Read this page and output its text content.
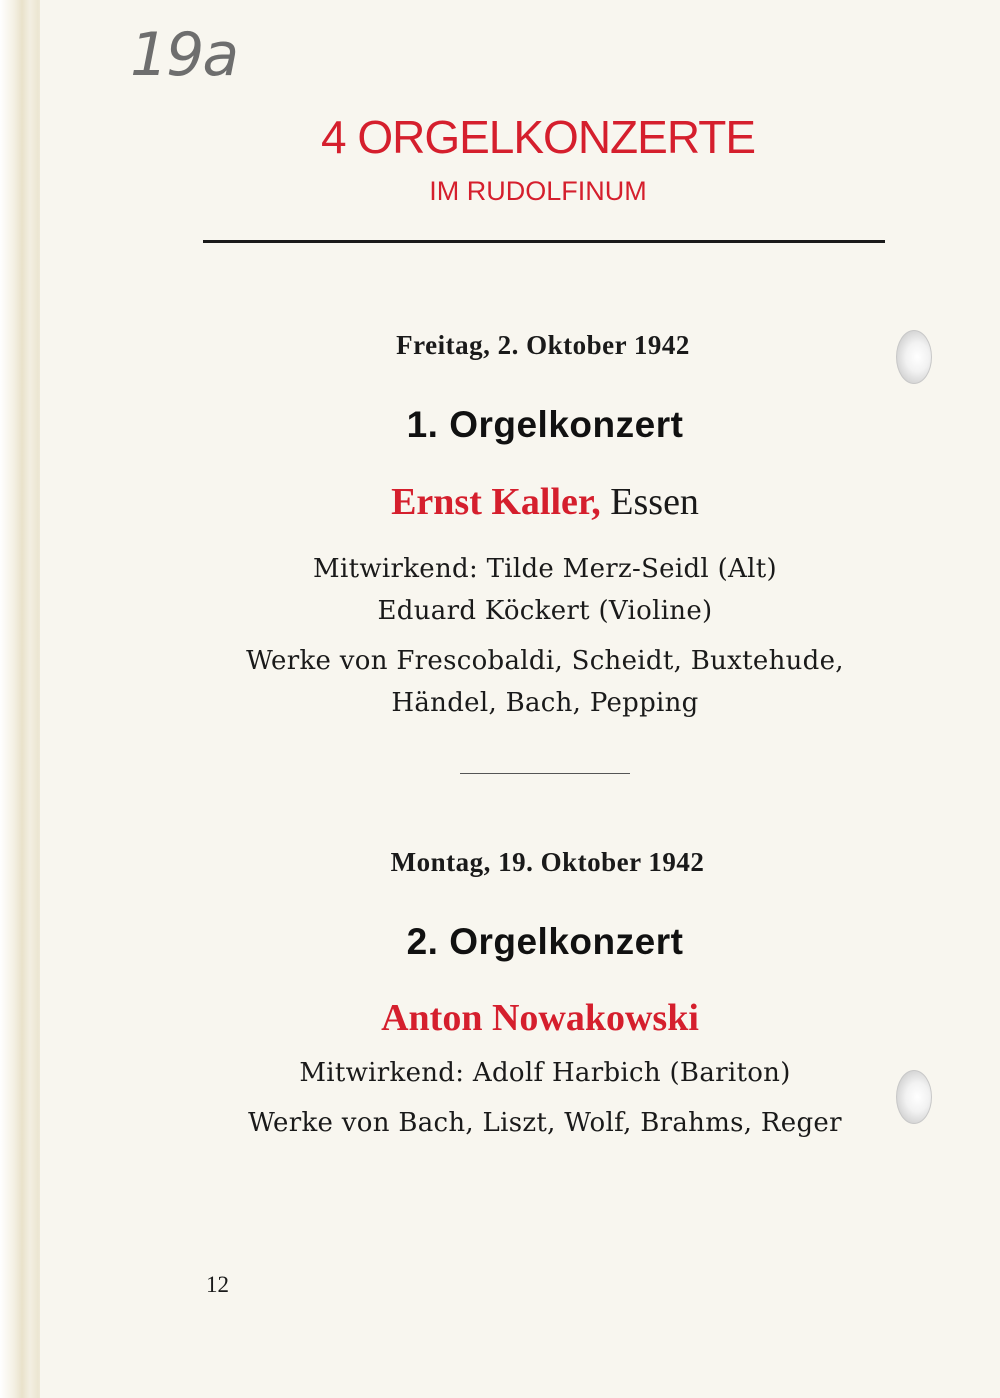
19a
4 ORGELKONZERTE
IM RUDOLFINUM
Freitag, 2. Oktober 1942
1. Orgelkonzert
Ernst Kaller, Essen
Mitwirkend: Tilde Merz-Seidl (Alt)
Eduard Köckert (Violine)
Werke von Frescobaldi, Scheidt, Buxtehude,
Händel, Bach, Pepping
Montag, 19. Oktober 1942
2. Orgelkonzert
Anton Nowakowski
Mitwirkend: Adolf Harbich (Bariton)
Werke von Bach, Liszt, Wolf, Brahms, Reger
12
